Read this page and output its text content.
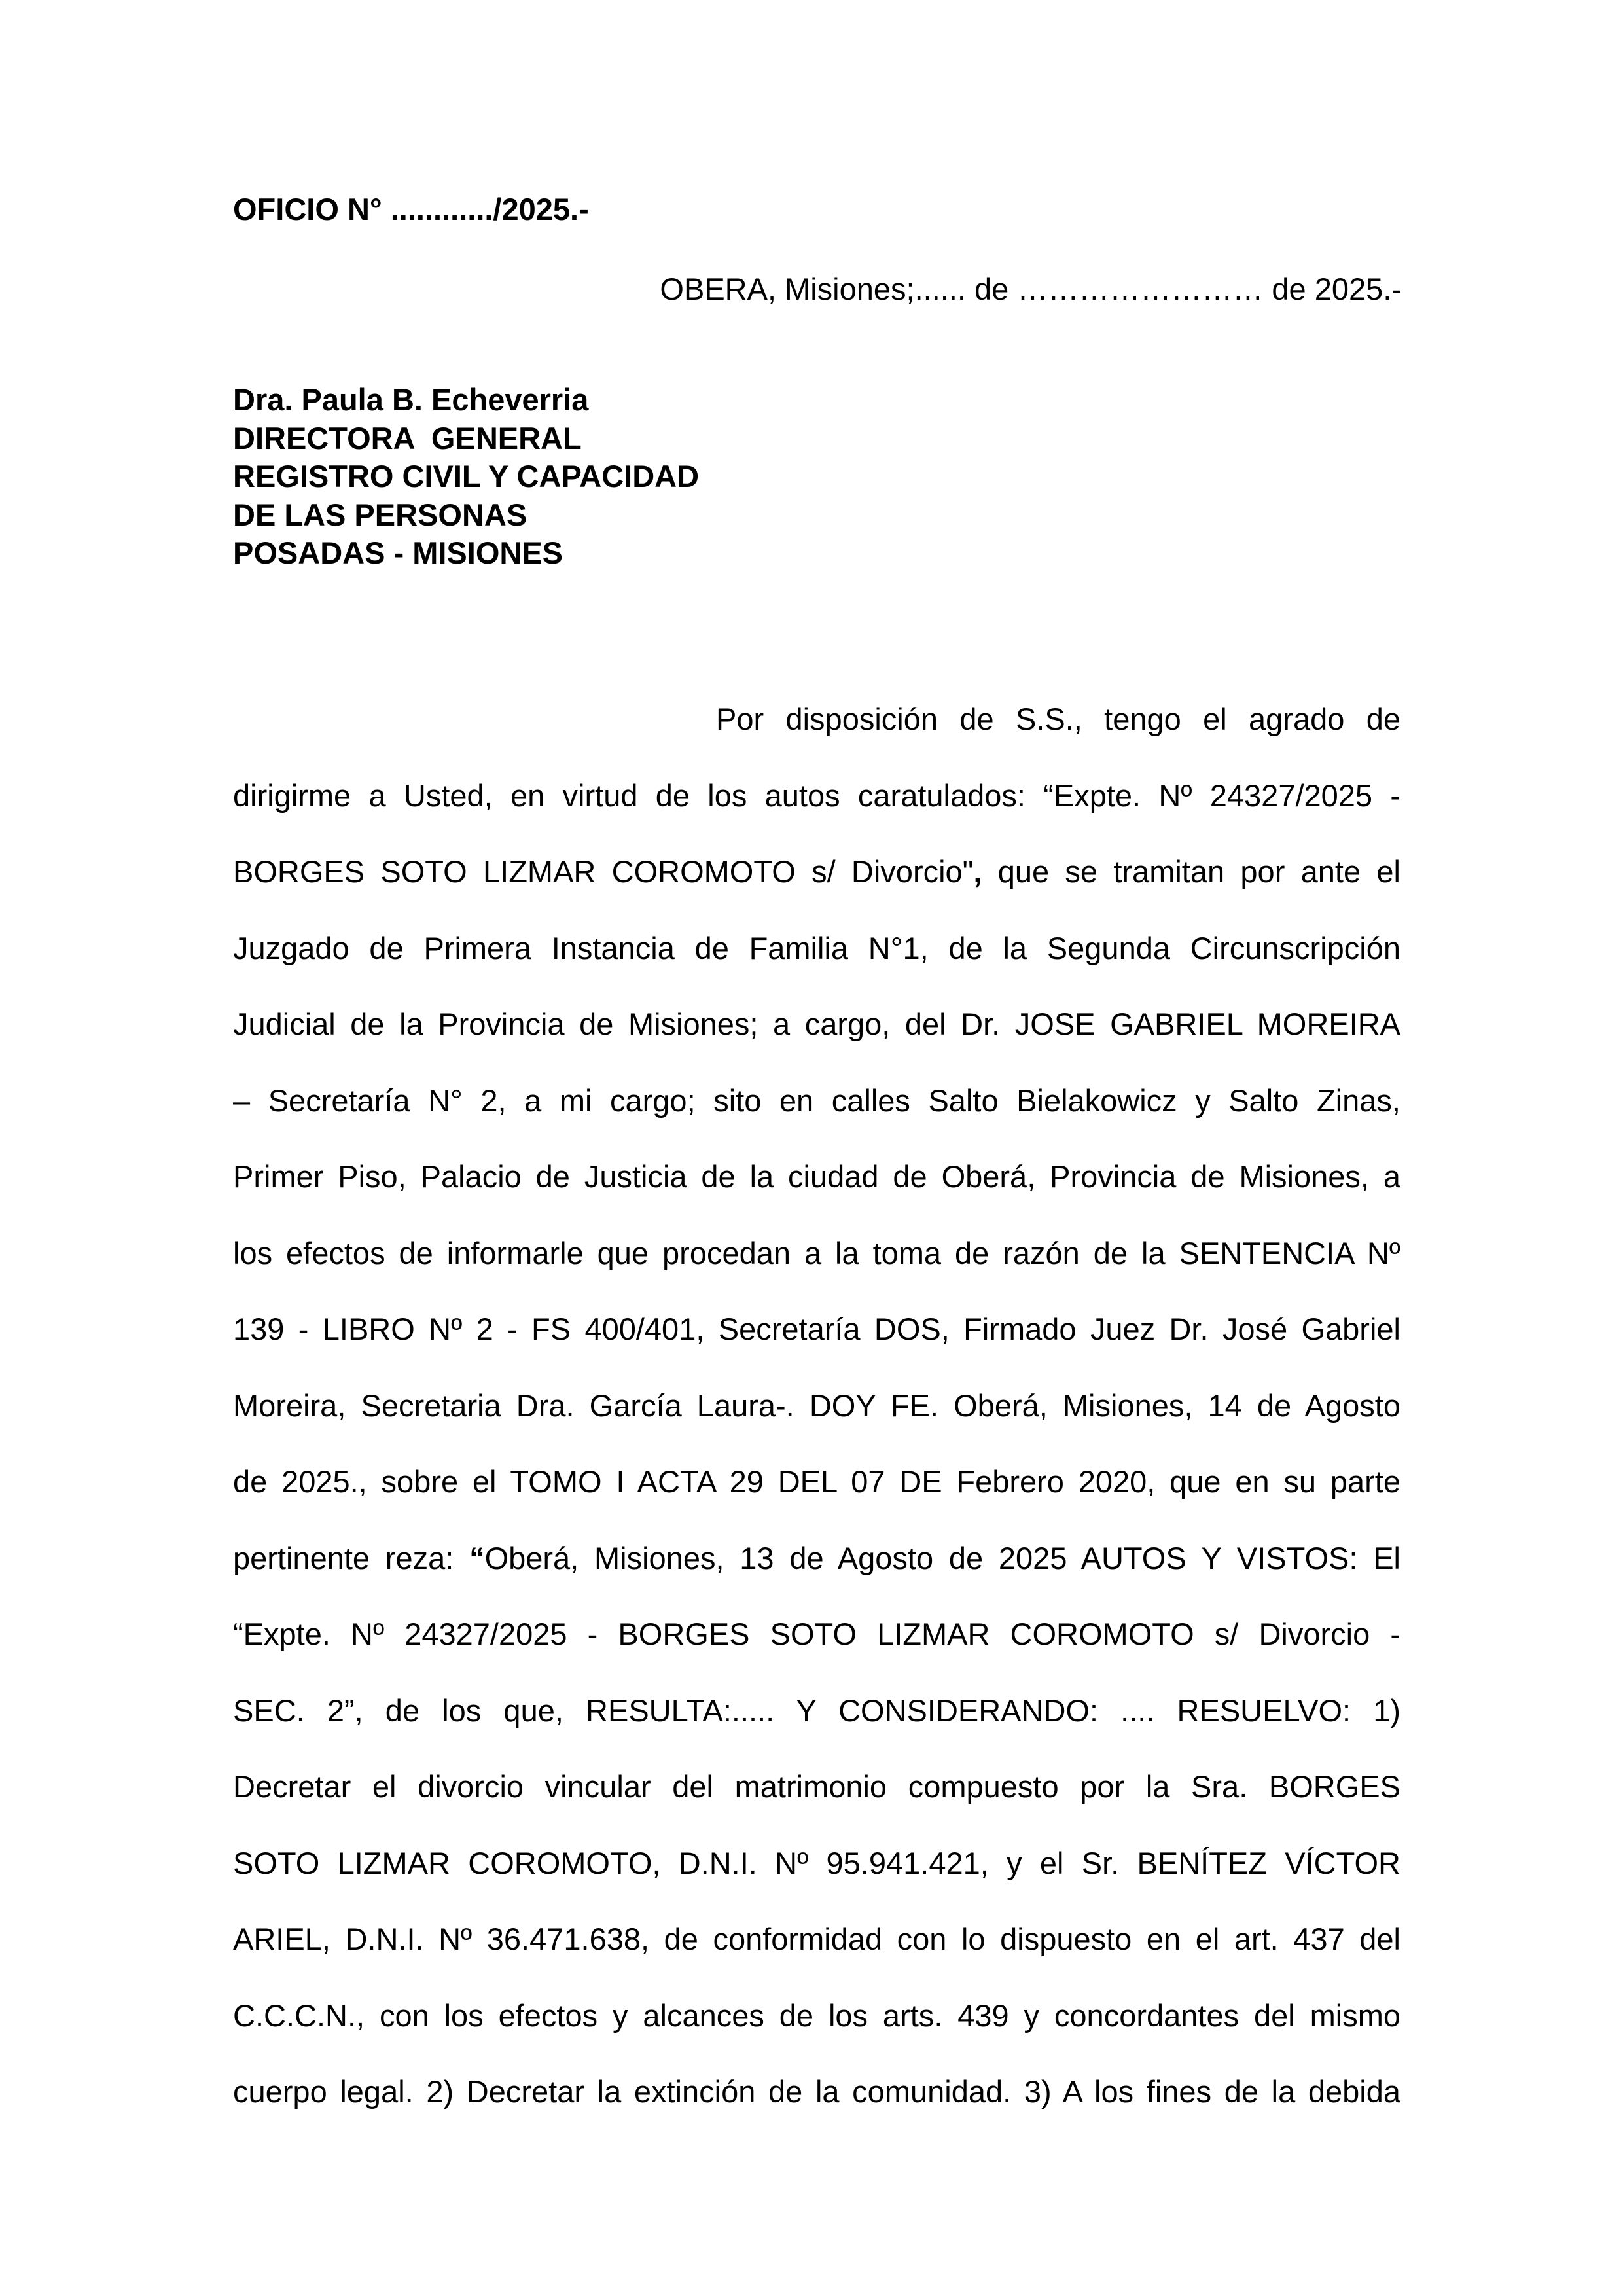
OFICIO N° ............/2025.-
OBERA, Misiones;...... de …………………… de 2025.-
Dra. Paula B. Echeverria
DIRECTORA  GENERAL
REGISTRO CIVIL Y CAPACIDAD
DE LAS PERSONAS
POSADAS - MISIONES
Por disposición de S.S., tengo el agrado de
dirigirme a Usted, en virtud de los autos caratulados: “Expte. Nº 24327/2025 -
BORGES SOTO LIZMAR COROMOTO s/ Divorcio", que se tramitan por ante el
Juzgado de Primera Instancia de Familia N°1, de la Segunda Circunscripción
Judicial de la Provincia de Misiones; a cargo, del Dr. JOSE GABRIEL MOREIRA
– Secretaría N° 2, a mi cargo; sito en calles Salto Bielakowicz y Salto Zinas,
Primer Piso, Palacio de Justicia de la ciudad de Oberá, Provincia de Misiones, a
los efectos de informarle que procedan a la toma de razón de la SENTENCIA Nº
139 - LIBRO Nº 2 - FS 400/401, Secretaría DOS, Firmado Juez Dr. José Gabriel
Moreira, Secretaria Dra. García Laura-. DOY FE. Oberá, Misiones, 14 de Agosto
de 2025., sobre el TOMO I ACTA 29 DEL 07 DE Febrero 2020, que en su parte
pertinente reza: “Oberá, Misiones, 13 de Agosto de 2025 AUTOS Y VISTOS: El
“Expte. Nº 24327/2025 - BORGES SOTO LIZMAR COROMOTO s/ Divorcio -
SEC. 2”, de los que, RESULTA:..... Y CONSIDERANDO: .... RESUELVO: 1)
Decretar el divorcio vincular del matrimonio compuesto por la Sra. BORGES
SOTO LIZMAR COROMOTO, D.N.I. Nº 95.941.421, y el Sr. BENÍTEZ VÍCTOR
ARIEL, D.N.I. Nº 36.471.638, de conformidad con lo dispuesto en el art. 437 del
C.C.C.N., con los efectos y alcances de los arts. 439 y concordantes del mismo
cuerpo legal. 2) Decretar la extinción de la comunidad. 3) A los fines de la debida
